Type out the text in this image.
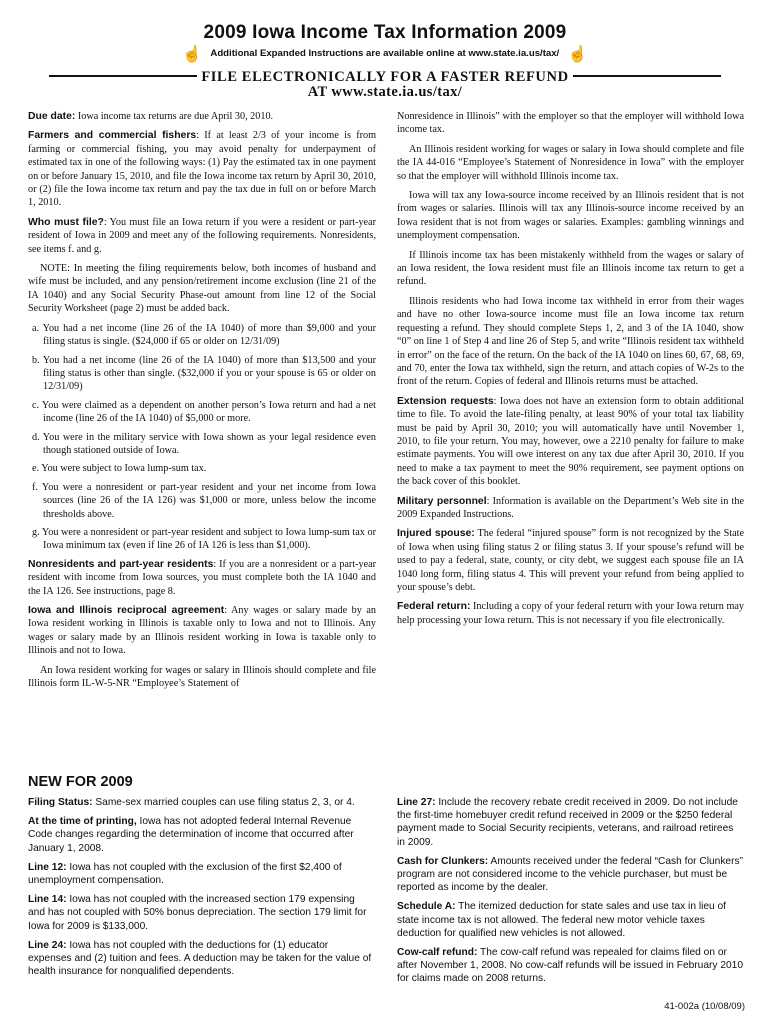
2009 Iowa Income Tax Information 2009
☝ Additional Expanded Instructions are available online at www.state.ia.us/tax/ ☝
FILE ELECTRONICALLY FOR A FASTER REFUND
AT www.state.ia.us/tax/

Due date: Iowa income tax returns are due April 30, 2010.

Farmers and commercial fishers: If at least 2/3 of your income is from farming or commercial fishing, you may avoid penalty for underpayment of estimated tax in one of the following ways: (1) Pay the estimated tax in one payment on or before January 15, 2010, and file the Iowa income tax return by April 30, 2010, or (2) file the Iowa income tax return and pay the tax due in full on or before March 1, 2010.

Who must file?: You must file an Iowa return if you were a resident or part-year resident of Iowa in 2009 and meet any of the following requirements. Nonresidents, see items f. and g.

NOTE: In meeting the filing requirements below, both incomes of husband and wife must be included, and any pension/retirement income exclusion (line 21 of the IA 1040) and any Social Security Phase-out amount from line 12 of the Social Security Worksheet (page 2) must be added back.

a. You had a net income (line 26 of the IA 1040) of more than $9,000 and your filing status is single. ($24,000 if 65 or older on 12/31/09)

b. You had a net income (line 26 of the IA 1040) of more than $13,500 and your filing status is other than single. ($32,000 if you or your spouse is 65 or older on 12/31/09)

c. You were claimed as a dependent on another person’s Iowa return and had a net income (line 26 of the IA 1040) of $5,000 or more.

d. You were in the military service with Iowa shown as your legal residence even though stationed outside of Iowa.

e. You were subject to Iowa lump-sum tax.

f. You were a nonresident or part-year resident and your net income from Iowa sources (line 26 of the IA 126) was $1,000 or more, unless below the income thresholds above.

g. You were a nonresident or part-year resident and subject to Iowa lump-sum tax or Iowa minimum tax (even if line 26 of IA 126 is less than $1,000).

Nonresidents and part-year residents: If you are a nonresident or a part-year resident with income from Iowa sources, you must complete both the IA 1040 and the IA 126. See instructions, page 8.

Iowa and Illinois reciprocal agreement: Any wages or salary made by an Iowa resident working in Illinois is taxable only to Iowa and not to Illinois. Any wages or salary made by an Illinois resident working in Iowa is taxable only to Illinois and not to Iowa.

An Iowa resident working for wages or salary in Illinois should complete and file Illinois form IL-W-5-NR “Employee’s Statement of

Nonresidence in Illinois” with the employer so that the employer will withhold Iowa income tax.

An Illinois resident working for wages or salary in Iowa should complete and file the IA 44-016 “Employee’s Statement of Nonresidence in Iowa” with the employer so that the employer will withhold Illinois income tax.

Iowa will tax any Iowa-source income received by an Illinois resident that is not from wages or salaries. Illinois will tax any Illinois-source income received by an Iowa resident that is not from wages or salaries. Examples: gambling winnings and unemployment compensation.

If Illinois income tax has been mistakenly withheld from the wages or salary of an Iowa resident, the Iowa resident must file an Illinois income tax return to get a refund.

Illinois residents who had Iowa income tax withheld in error from their wages and have no other Iowa-source income must file an Iowa income tax return requesting a refund. They should complete Steps 1, 2, and 3 of the IA 1040, show “0” on line 1 of Step 4 and line 26 of Step 5, and write “Illinois resident tax withheld in error” on the face of the return. On the back of the IA 1040 on lines 60, 67, 68, 69, and 70, enter the Iowa tax withheld, sign the return, and attach copies of W-2s to the front of the return. Copies of federal and Illinois returns must be attached.

Extension requests: Iowa does not have an extension form to obtain additional time to file. To avoid the late-filing penalty, at least 90% of your total tax liability must be paid by April 30, 2010; you will automatically have until November 1, 2010, to file your return. You may, however, owe a 2210 penalty for failure to make estimate payments. You will owe interest on any tax due after April 30, 2010. If you need to make a tax payment to meet the 90% requirement, see payment options on the back cover of this booklet.

Military personnel: Information is available on the Department’s Web site in the 2009 Expanded Instructions.

Injured spouse: The federal “injured spouse” form is not recognized by the State of Iowa when using filing status 2 or filing status 3. If your spouse’s refund will be used to pay a federal, state, county, or city debt, we suggest each spouse file an IA 1040 long form, filing status 4. This will prevent your refund from being applied to your spouse’s debt.

Federal return: Including a copy of your federal return with your Iowa return may help processing your Iowa return. This is not necessary if you file electronically.

NEW FOR 2009

Filing Status: Same-sex married couples can use filing status 2, 3, or 4.

At the time of printing, Iowa has not adopted federal Internal Revenue Code changes regarding the determination of income that occurred after January 1, 2008.

Line 12: Iowa has not coupled with the exclusion of the first $2,400 of unemployment compensation.

Line 14: Iowa has not coupled with the increased section 179 expensing and has not coupled with 50% bonus depreciation. The section 179 limit for Iowa for 2009 is $133,000.

Line 24: Iowa has not coupled with the deductions for (1) educator expenses and (2) tuition and fees. A deduction may be taken for the value of health insurance for nonqualified dependents.

Line 27: Include the recovery rebate credit received in 2009. Do not include the first-time homebuyer credit refund received in 2009 or the $250 federal payment made to Social Security recipients, veterans, and railroad retirees in 2009.

Cash for Clunkers: Amounts received under the federal “Cash for Clunkers” program are not considered income to the vehicle purchaser, but must be reported as income by the dealer.

Schedule A: The itemized deduction for state sales and use tax in lieu of state income tax is not allowed. The federal new motor vehicle taxes deduction for qualified new vehicles is not allowed.

Cow-calf refund: The cow-calf refund was repealed for claims filed on or after November 1, 2008. No cow-calf refunds will be issued in February 2010 for claims made on 2008 returns.

41-002a (10/08/09)
